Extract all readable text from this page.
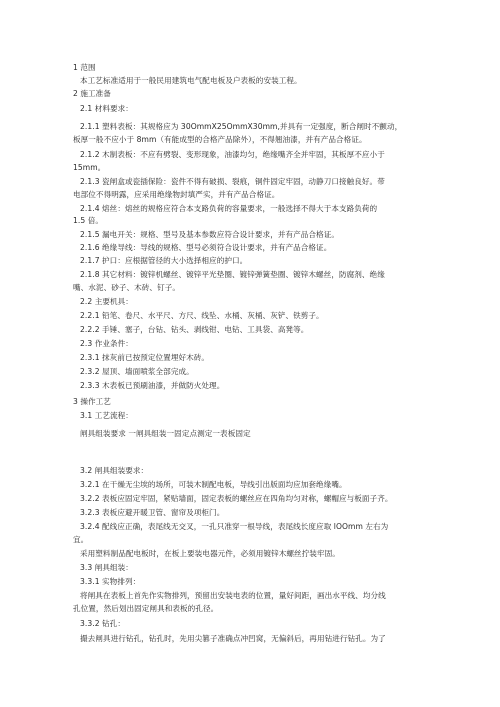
1 范围
本工艺标准适用于一般民用建筑电气配电板及户表板的安装工程。
2 施工准备
2.1 材料要求：
2.1.1 塑料表板：其规格应为 30OmmX25OmmX30mm,并具有一定强度，断合闸时不颤动，
板厚一般不应小于 8mm（有能成型的合格产品除外），不得翘油漆，并有产品合格证。
2.1.2 木制表板：不应有劈裂、变形现象，油漆均匀，绝缘嘴齐全并牢固，其板厚不应小于
15mm。
2.1.3 瓷闸盒或瓷插保险：瓷件不得有破损、裂痕，铜件固定牢固，动静刀口接触良好。带
电部位不得明露，应采用绝缘物封填严实，并有产品合格证。
2.1.4 熔丝：熔丝的规格应符合本支路负荷的容量要求，一般选择不得大于本支路负荷的
1.5 倍。
2.1.5 漏电开关：规格、型号及基本参数应符合设计要求，并有产品合格证。
2.1.6 绝缘导线：导线的规格、型号必须符合设计要求，并有产品合格证。
2.1.7 护口：应根据管径的大小选择相应的护口。
2.1.8 其它材料：镀锌机螺丝、镀锌平光垫圈、镀锌弹簧垫圈、镀锌木螺丝，防腐剂、绝缘
嘴、水泥、砂子、木砖、钉子。
2.2 主要机具：
2.2.1 铅笔、卷尺、水平尺、方尺、线坠、水桶、灰桶、灰铲、铁剪子。
2.2.2 手锤、塞子，台钻、钻头、剥线钳、电钻、工具袋、高凳等。
2.3 作业条件：
2.3.1 抹灰前已按预定位置埋好木砖。
2.3.2 屋顶、墙面喷浆全部完成。
2.3.3 木表板已预刷油漆，并做防火处理。
3 操作工艺
3.1 工艺流程：
闸具组装要求 一闸具组装一固定点测定一表板固定
3.2 闸具组装要求：
3.2.1 在干燥无尘埃的场所，可装木制配电板，导线引出版面均应加套绝缘嘴。
3.2.2 表板应固定牢固，紧贴墙面，固定表板的螺丝应在四角均匀对称，螺帽应与板面子齐。
3.2.3 表板应避开暖卫管、窗帘及项柜门。
3.2.4 配线应正确，表尾线无交叉，一孔只准穿一根导线，表尾线长度应取 lOOmm 左右为
宜。
采用塑料制品配电板时，在板上要装电器元件，必须用镀锌木螺丝拧装牢固。
3.3 闸具组装：
3.3.1 实物排列：
将闸具在表板上首先作实物排列，预留出安装电表的位置，量好间距，画出水平线、均分线
孔位置，然后划出固定闸具和表板的孔径。
3.3.2 钻孔：
撮去闸具进行钻孔，钻孔时，先用尖篡子准确点冲凹窝，无偏斜后，再用钻进行钻孔。为了
